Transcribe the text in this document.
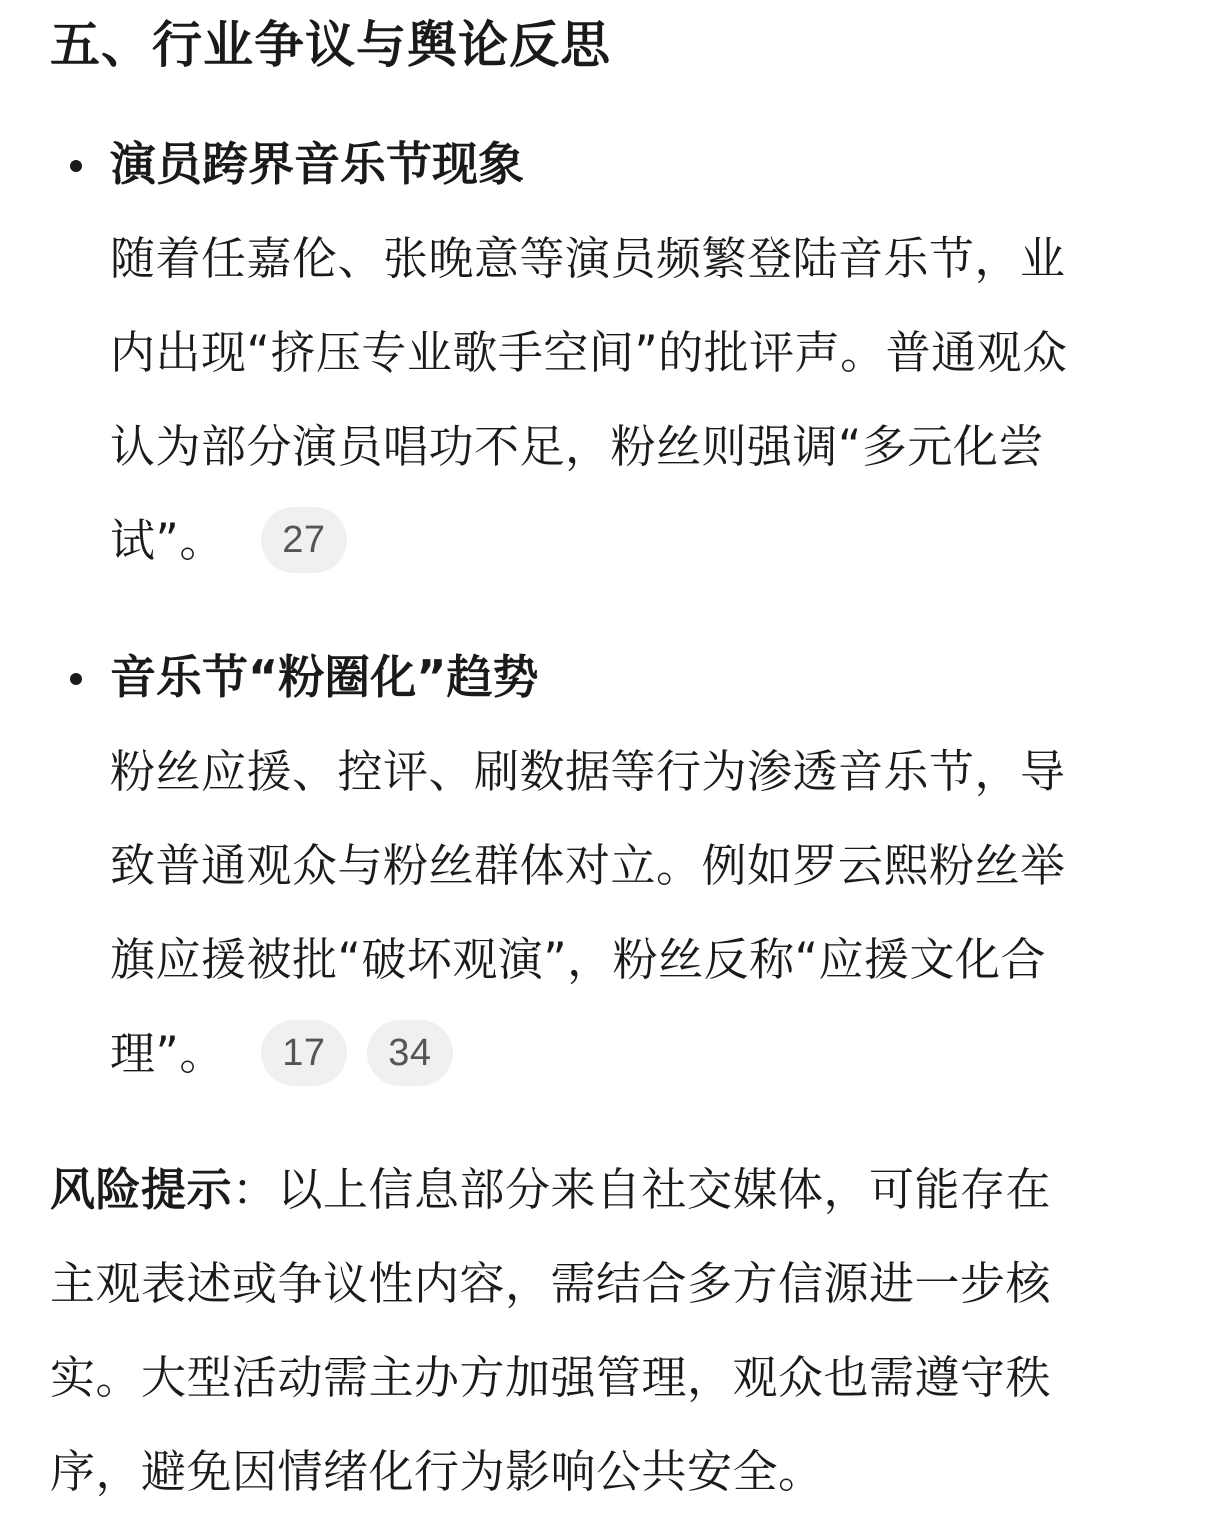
五、行业争议与舆论反思
演员跨界音乐节现象
随着任嘉伦、张晚意等演员频繁登陆音乐节，业
内出现“挤压专业歌手空间”的批评声。普通观众
认为部分演员唱功不足，粉丝则强调“多元化尝
试”。 27
音乐节“粉圈化”趋势
粉丝应援、控评、刷数据等行为渗透音乐节，导
致普通观众与粉丝群体对立。例如罗云熙粉丝举
旗应援被批“破坏观演”，粉丝反称“应援文化合
理”。 17 34
风险提示：以上信息部分来自社交媒体，可能存在
主观表述或争议性内容，需结合多方信源进一步核
实。大型活动需主办方加强管理，观众也需遵守秩
序，避免因情绪化行为影响公共安全。
